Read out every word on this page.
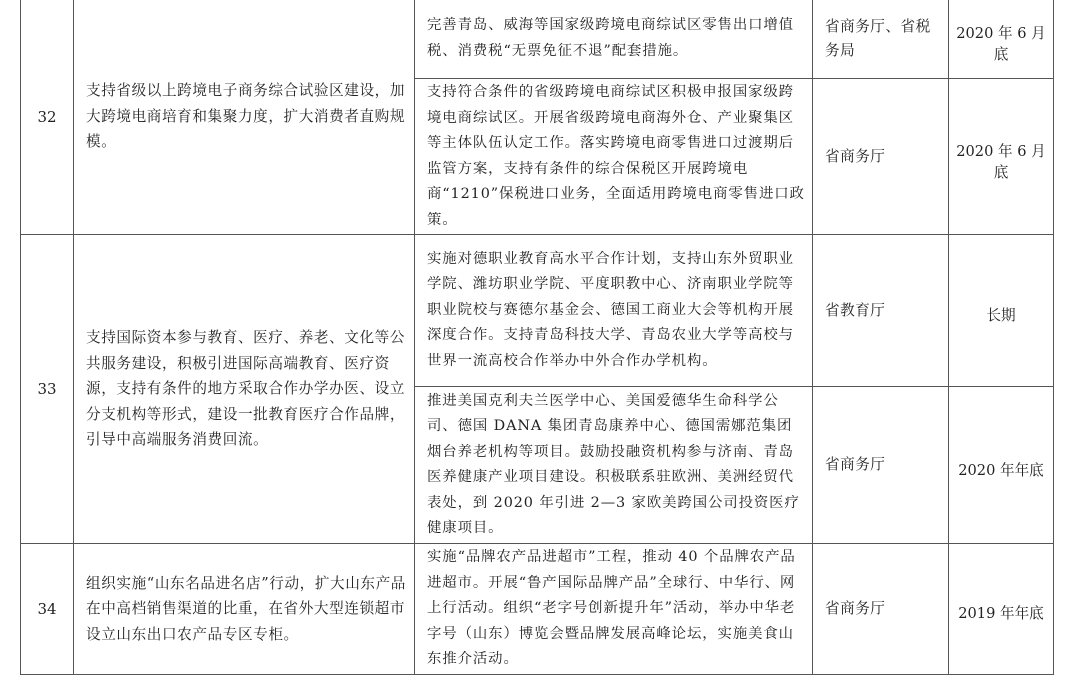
32	支持省级以上跨境电子商务综合试验区建设，加大跨境电商培育和集聚力度，扩大消费者直购规模。	完善青岛、威海等国家级跨境电商综试区零售出口增值税、消费税“无票免征不退”配套措施。	省商务厅、省税务局	2020 年 6 月底
		支持符合条件的省级跨境电商综试区积极申报国家级跨境电商综试区。开展省级跨境电商海外仓、产业聚集区等主体队伍认定工作。落实跨境电商零售进口过渡期后监管方案，支持有条件的综合保税区开展跨境电商“1210”保税进口业务，全面适用跨境电商零售进口政策。	省商务厅	2020 年 6 月底
33	支持国际资本参与教育、医疗、养老、文化等公共服务建设，积极引进国际高端教育、医疗资源，支持有条件的地方采取合作办学办医、设立分支机构等形式，建设一批教育医疗合作品牌，引导中高端服务消费回流。	实施对德职业教育高水平合作计划，支持山东外贸职业学院、潍坊职业学院、平度职教中心、济南职业学院等职业院校与赛德尔基金会、德国工商业大会等机构开展深度合作。支持青岛科技大学、青岛农业大学等高校与世界一流高校合作举办中外合作办学机构。	省教育厅	长期
		推进美国克利夫兰医学中心、美国爱德华生命科学公司、德国 DANA 集团青岛康养中心、德国需娜范集团烟台养老机构等项目。鼓励投融资机构参与济南、青岛医养健康产业项目建设。积极联系驻欧洲、美洲经贸代表处，到 2020 年引进 2—3 家欧美跨国公司投资医疗健康项目。	省商务厅	2020 年年底
34	组织实施“山东名品进名店”行动，扩大山东产品在中高档销售渠道的比重，在省外大型连锁超市设立山东出口农产品专区专柜。	实施“品牌农产品进超市”工程，推动 40 个品牌农产品进超市。开展“鲁产国际品牌产品”全球行、中华行、网上行活动。组织“老字号创新提升年”活动，举办中华老字号（山东）博览会暨品牌发展高峰论坛，实施美食山东推介活动。	省商务厅	2019 年年底
